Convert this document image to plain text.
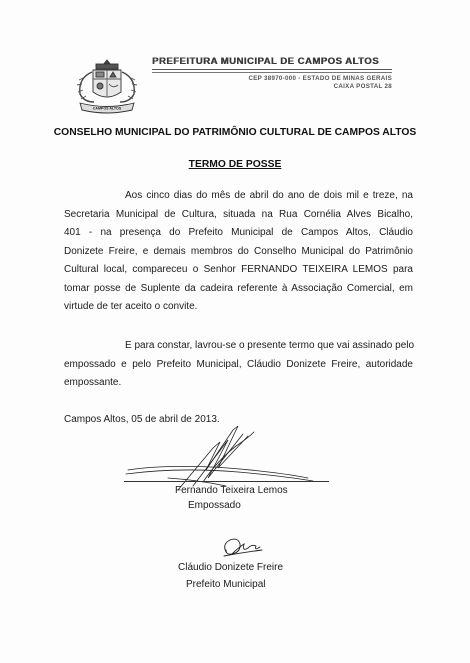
CAMPOS ALTOS
PREFEITURA MUNICIPAL DE CAMPOS ALTOS
CEP 38970-000 - ESTADO DE MINAS GERAIS
CAIXA POSTAL 28
CONSELHO MUNICIPAL DO PATRIMÔNIO CULTURAL DE CAMPOS ALTOS
TERMO DE POSSE
Aos cinco dias do mês de abril do ano de dois mil e treze, na
Secretaria Municipal de Cultura, situada na Rua Cornélia Alves Bicalho,
401 - na presença do Prefeito Municipal de Campos Altos, Cláudio
Donizete Freire, e demais membros do Conselho Municipal do Patrimônio
Cultural local, compareceu o Senhor FERNANDO TEIXEIRA LEMOS para
tomar posse de Suplente da cadeira referente à Associação Comercial, em
virtude de ter aceito o convite.
E para constar, lavrou-se o presente termo que vai assinado pelo
empossado e pelo Prefeito Municipal, Cláudio Donizete Freire, autoridade
empossante.
Campos Altos, 05 de abril de 2013.
Fernando Teixeira Lemos
Empossado
Cláudio Donizete Freire
Prefeito Municipal
